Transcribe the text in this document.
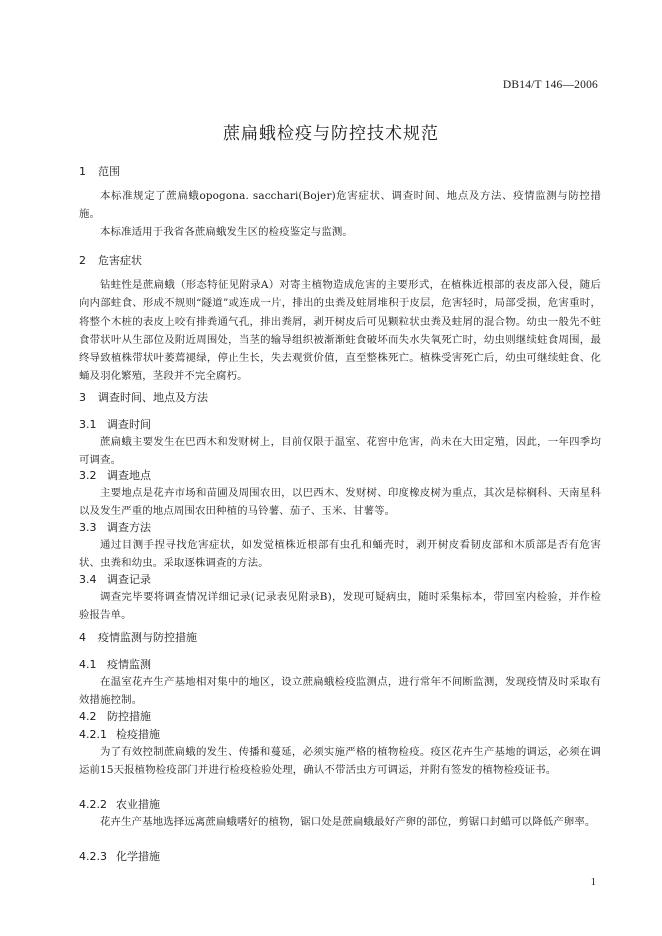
DB14/T 146—2006
蔗扁蛾检疫与防控技术规范
1 范围

本标准规定了蔗扁蛾opogona. sacchari(Bojer)危害症状、调查时间、地点及方法、疫情监测与防控措施。

本标准适用于我省各蔗扁蛾发生区的检疫鉴定与监测。

2 危害症状

钻蛀性是蔗扁蛾（形态特征见附录A）对寄主植物造成危害的主要形式，在植株近根部的表皮部入侵，随后向内部蛀食、形成不规则“隧道”或连成一片，排出的虫粪及蛀屑堆积于皮层，危害轻时，局部受损，危害重时，将整个木桩的表皮上咬有排粪通气孔，排出粪屑，剥开树皮后可见颗粒状虫粪及蛀屑的混合物。幼虫一般先不蛀食带状叶从生部位及附近周围处，当茎的输导组织被渐渐蛀食破坏而失水失氧死亡时，幼虫则继续蛀食周围，最终导致植株带状叶萎蔫褪绿，停止生长，失去观赏价值，直至整株死亡。植株受害死亡后，幼虫可继续蛀食、化蛹及羽化繁殖，茎段并不完全腐朽。

3 调查时间、地点及方法
3.1 调查时间

蔗扁蛾主要发生在巴西木和发财树上，目前仅限于温室、花窖中危害，尚未在大田定殖，因此，一年四季均可调查。

3.2 调查地点

主要地点是花卉市场和苗圃及周围农田，以巴西木、发财树、印度橡皮树为重点，其次是棕榈科、天南星科以及发生严重的地点周围农田种植的马铃薯、茄子、玉米、甘薯等。

3.3 调查方法

通过目测手捏寻找危害症状，如发觉植株近根部有虫孔和蛹壳时，剥开树皮看韧皮部和木质部是否有危害状、虫粪和幼虫。采取逐株调查的方法。

3.4 调查记录

调查完毕要将调查情况详细记录(记录表见附录B)，发现可疑病虫，随时采集标本，带回室内检验，并作检验报告单。

4 疫情监测与防控措施
4.1 疫情监测

在温室花卉生产基地相对集中的地区，设立蔗扁蛾检疫监测点，进行常年不间断监测，发现疫情及时采取有效措施控制。

4.2 防控措施
4.2.1 检疫措施

为了有效控制蔗扁蛾的发生、传播和蔓延，必须实施严格的植物检疫。疫区花卉生产基地的调运，必须在调运前15天报植物检疫部门并进行检疫检验处理，确认不带活虫方可调运，并附有签发的植物检疫证书。

4.2.2 农业措施

花卉生产基地选择远离蔗扁蛾嗜好的植物，锯口处是蔗扁蛾最好产卵的部位，剪锯口封蜡可以降低产卵率。

4.2.3 化学措施
1
